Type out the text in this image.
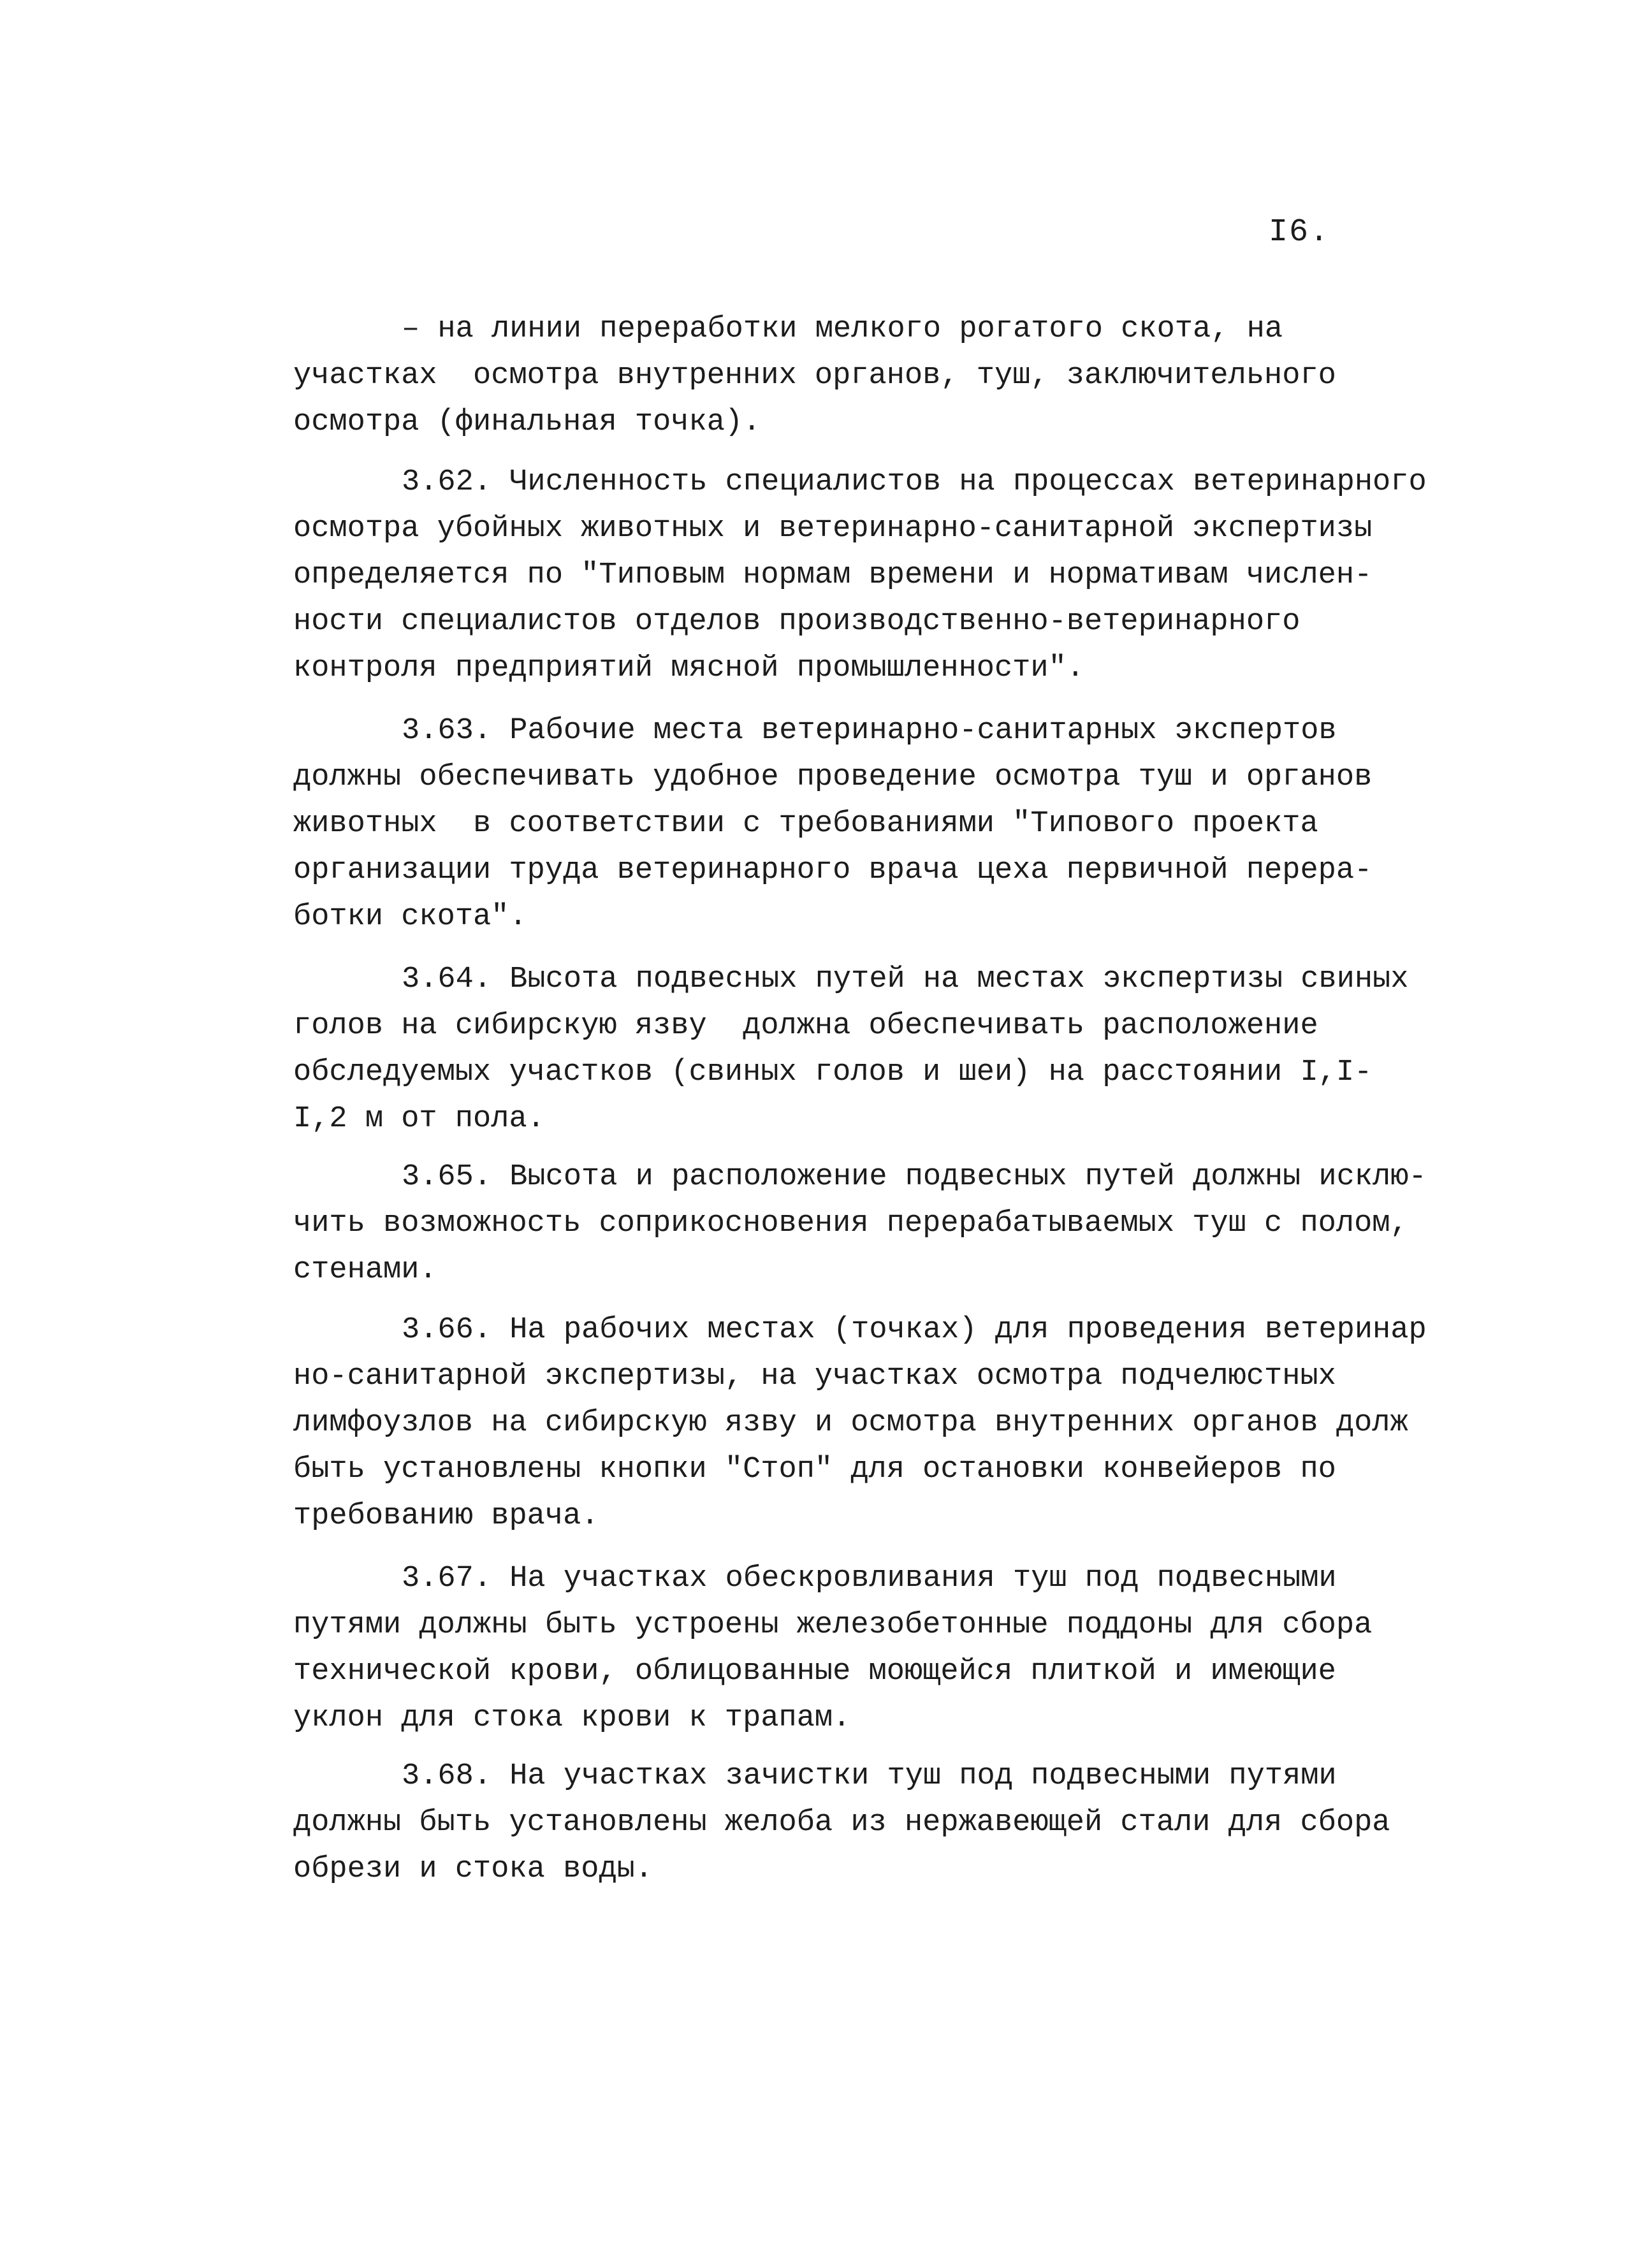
I6.
– на линии переработки мелкого рогатого скота, на
участках  осмотра внутренних органов, туш, заключительного
осмотра (финальная точка).
3.62. Численность специалистов на процессах ветеринарного
осмотра убойных животных и ветеринарно-санитарной экспертизы
определяется по "Типовым нормам времени и нормативам числен-
ности специалистов отделов производственно-ветеринарного
контроля предприятий мясной промышленности".
3.63. Рабочие места ветеринарно-санитарных экспертов
должны обеспечивать удобное проведение осмотра туш и органов
животных  в соответствии с требованиями "Типового проекта
организации труда ветеринарного врача цеха первичной перера-
ботки скота".
3.64. Высота подвесных путей на местах экспертизы свиных
голов на сибирскую язву  должна обеспечивать расположение
обследуемых участков (свиных голов и шеи) на расстоянии I,I-
I,2 м от пола.
3.65. Высота и расположение подвесных путей должны исклю-
чить возможность соприкосновения перерабатываемых туш с полом,
стенами.
3.66. На рабочих местах (точках) для проведения ветеринар
но-санитарной экспертизы, на участках осмотра подчелюстных
лимфоузлов на сибирскую язву и осмотра внутренних органов долж
быть установлены кнопки "Стоп" для остановки конвейеров по
требованию врача.
3.67. На участках обескровливания туш под подвесными
путями должны быть устроены железобетонные поддоны для сбора
технической крови, облицованные моющейся плиткой и имеющие
уклон для стока крови к трапам.
3.68. На участках зачистки туш под подвесными путями
должны быть установлены желоба из нержавеющей стали для сбора
обрези и стока воды.
